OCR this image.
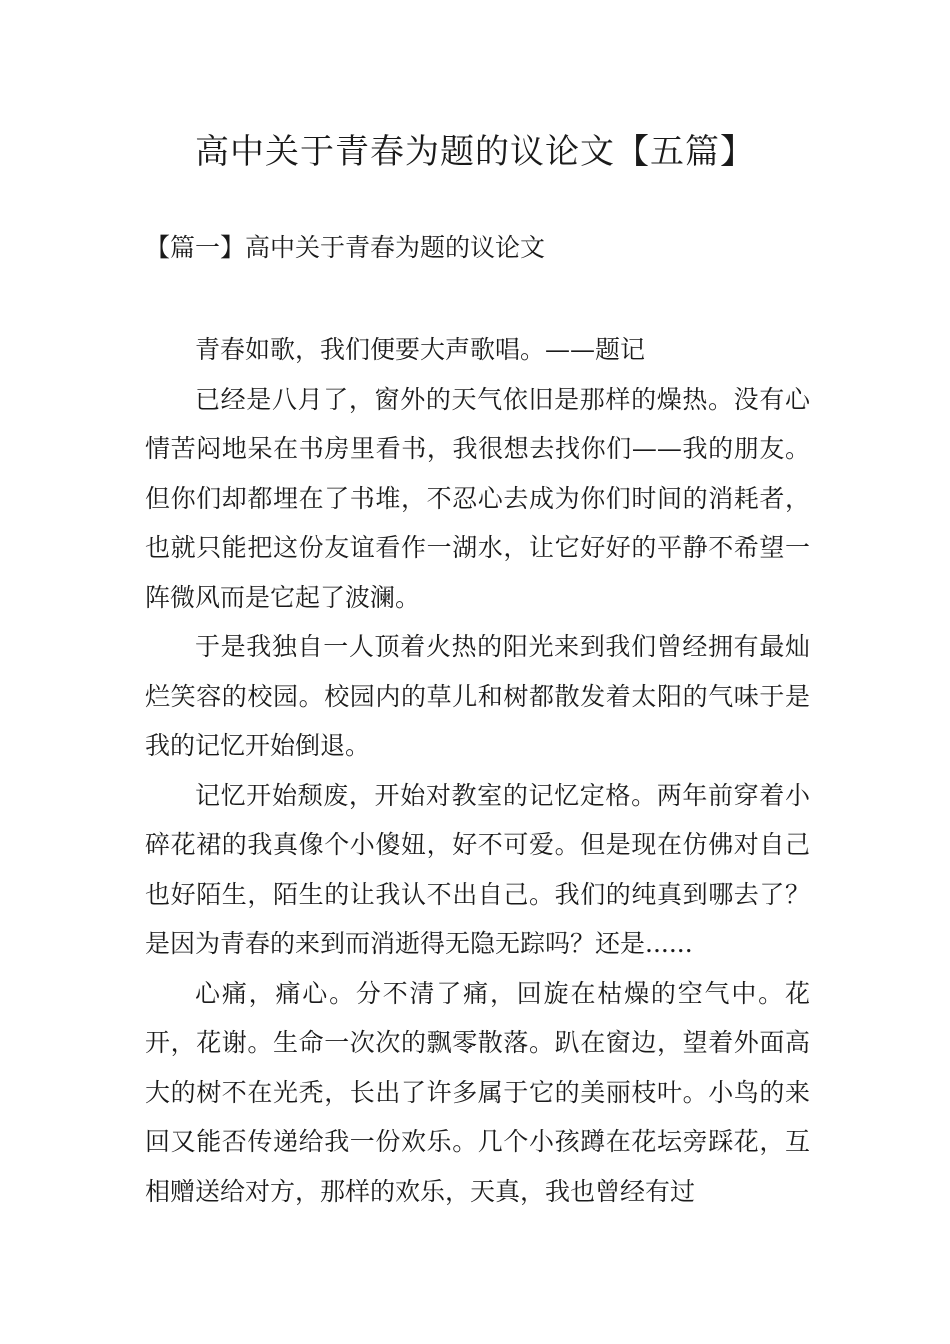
高中关于青春为题的议论文【五篇】
【篇一】高中关于青春为题的议论文

青春如歌，我们便要大声歌唱。——题记

已经是八月了，窗外的天气依旧是那样的燥热。没有心情苦闷地呆在书房里看书，我很想去找你们——我的朋友。但你们却都埋在了书堆，不忍心去成为你们时间的消耗者，也就只能把这份友谊看作一湖水，让它好好的平静不希望一阵微风而是它起了波澜。

于是我独自一人顶着火热的阳光来到我们曾经拥有最灿烂笑容的校园。校园内的草儿和树都散发着太阳的气味于是我的记忆开始倒退。

记忆开始颓废，开始对教室的记忆定格。两年前穿着小碎花裙的我真像个小傻妞，好不可爱。但是现在仿佛对自己也好陌生，陌生的让我认不出自己。我们的纯真到哪去了？是因为青春的来到而消逝得无隐无踪吗？还是......

心痛，痛心。分不清了痛，回旋在枯燥的空气中。花开，花谢。生命一次次的飘零散落。趴在窗边，望着外面高大的树不在光秃，长出了许多属于它的美丽枝叶。小鸟的来回又能否传递给我一份欢乐。几个小孩蹲在花坛旁踩花，互相赠送给对方，那样的欢乐，天真，我也曾经有过
